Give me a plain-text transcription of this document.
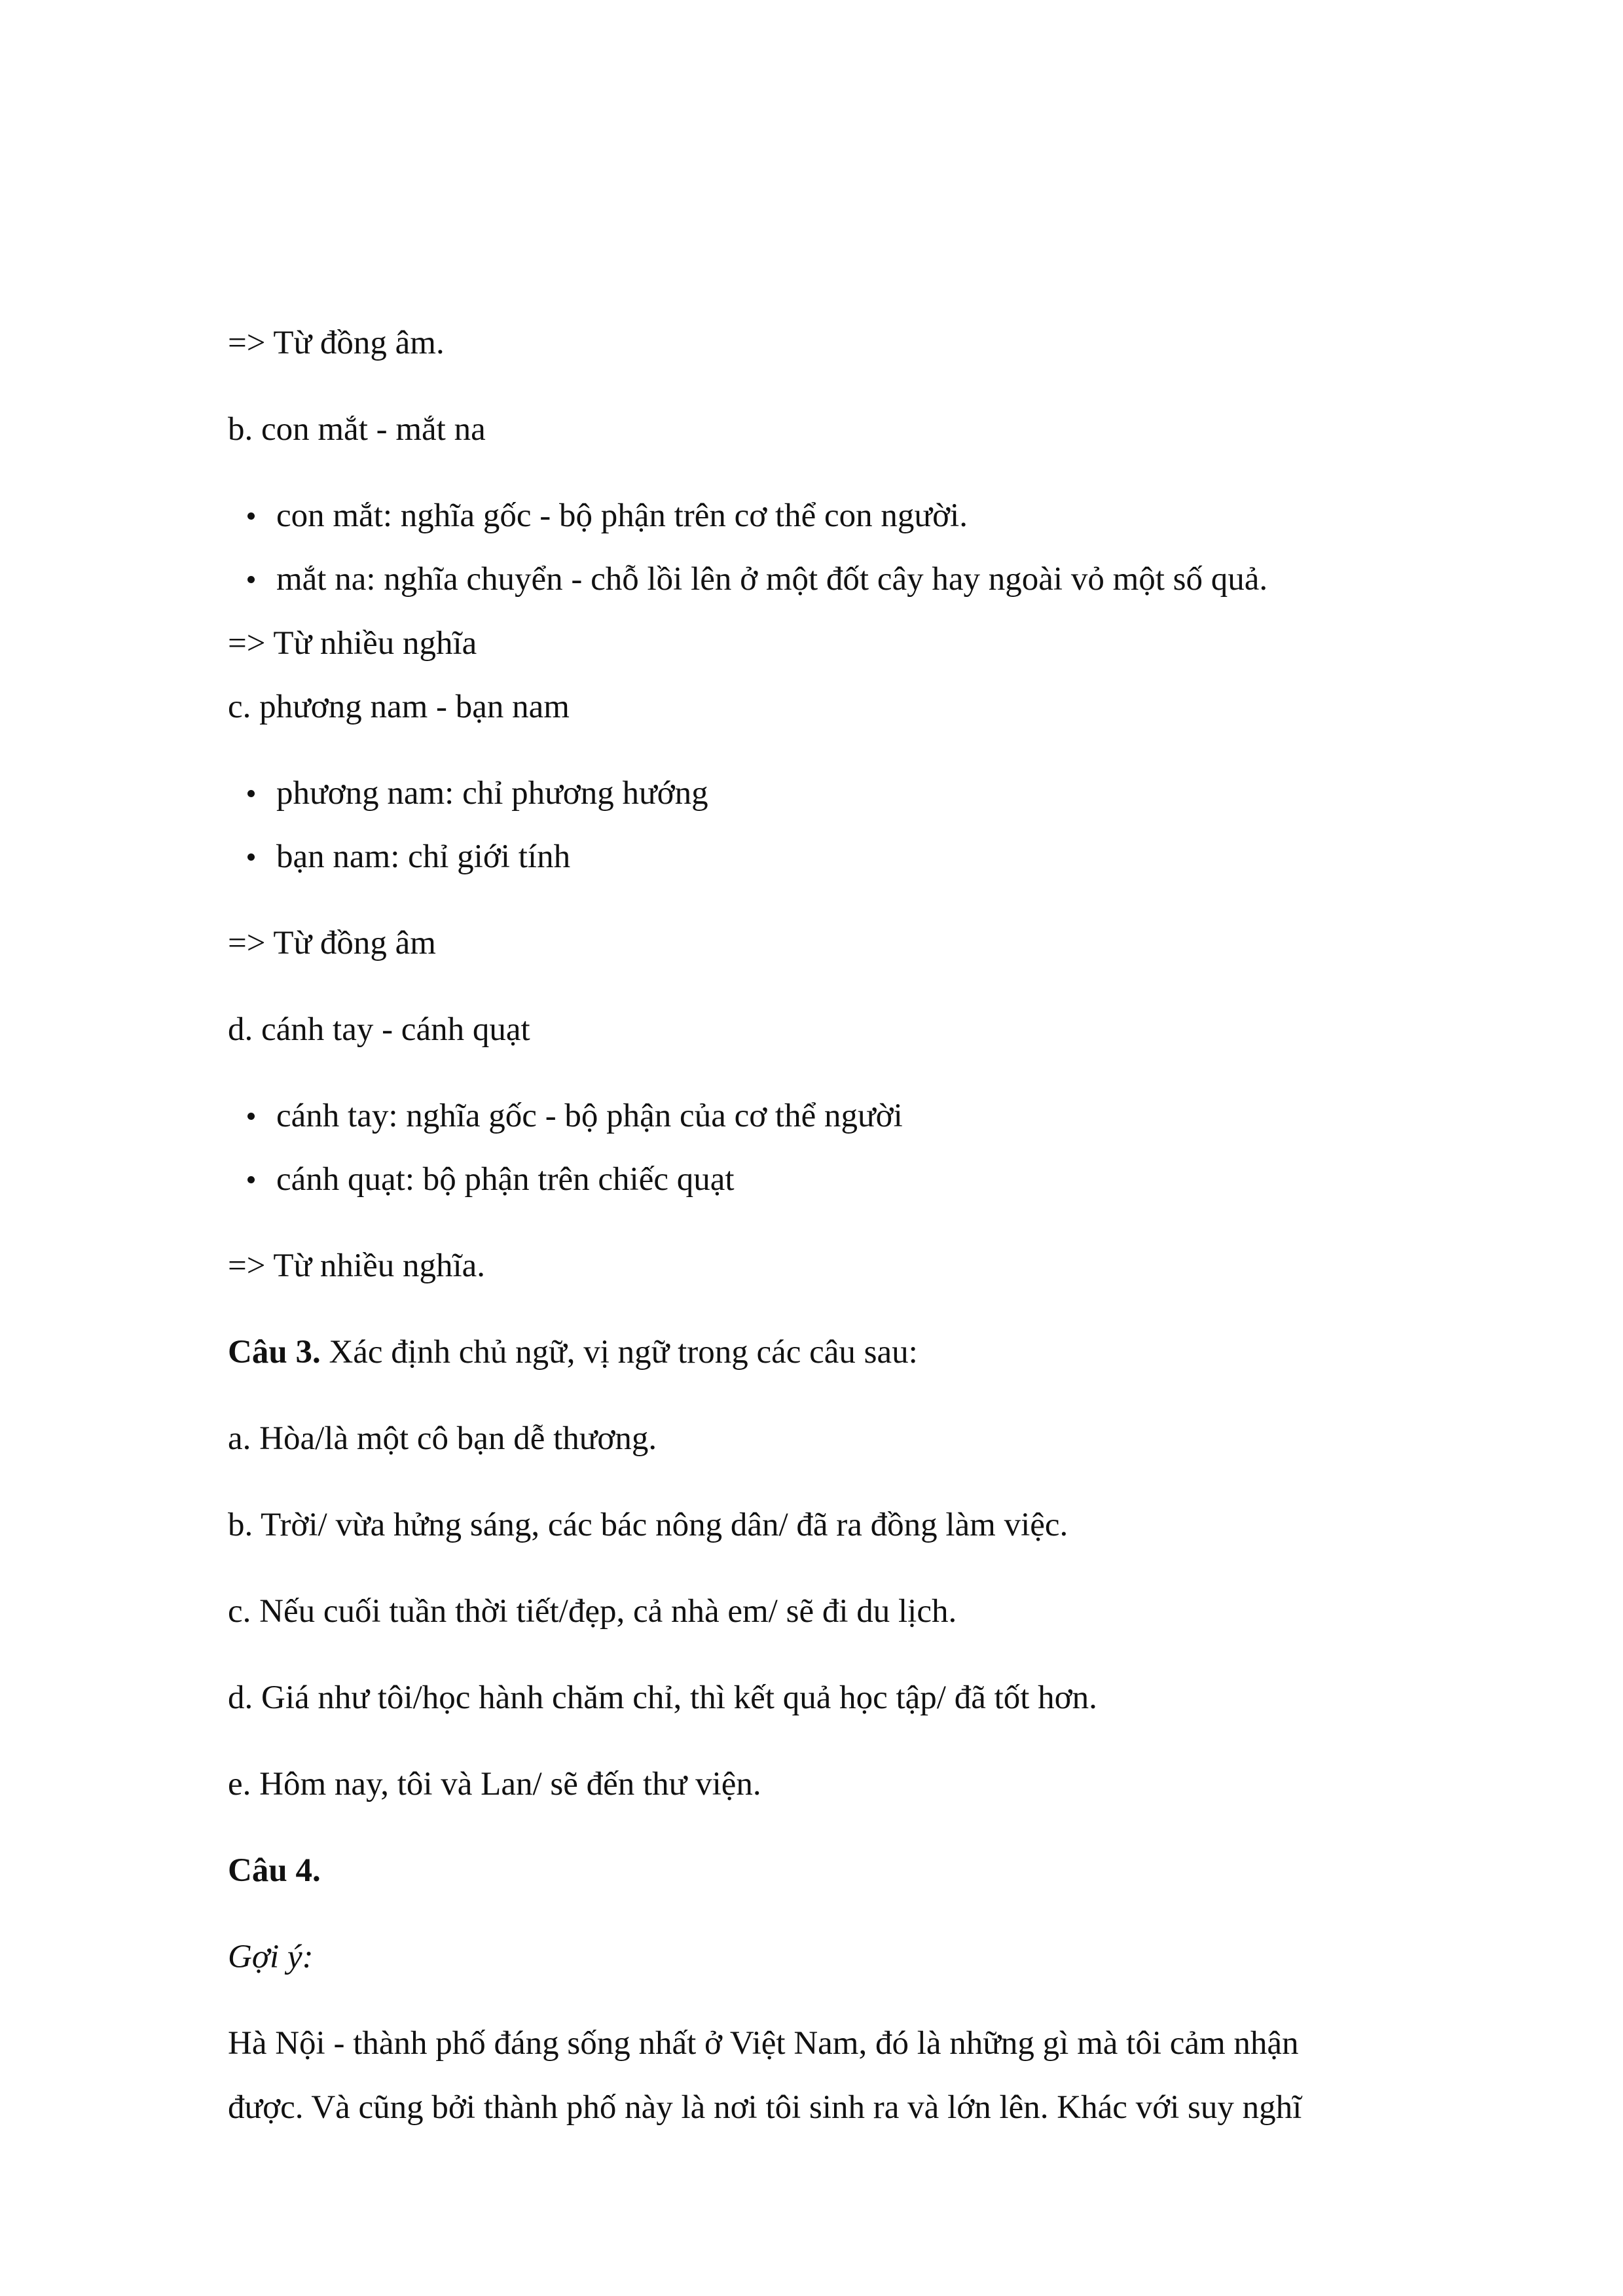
=> Từ đồng âm.

b. con mắt - mắt na

con mắt: nghĩa gốc - bộ phận trên cơ thể con người.
mắt na: nghĩa chuyển - chỗ lồi lên ở một đốt cây hay ngoài vỏ một số quả.

=> Từ nhiều nghĩa

c. phương nam - bạn nam

phương nam: chỉ phương hướng
bạn nam: chỉ giới tính

=> Từ đồng âm

d. cánh tay - cánh quạt

cánh tay: nghĩa gốc - bộ phận của cơ thể người
cánh quạt: bộ phận trên chiếc quạt

=> Từ nhiều nghĩa.

Câu 3. Xác định chủ ngữ, vị ngữ trong các câu sau:

a. Hòa/là một cô bạn dễ thương.

b. Trời/ vừa hửng sáng, các bác nông dân/ đã ra đồng làm việc.

c. Nếu cuối tuần thời tiết/đẹp, cả nhà em/ sẽ đi du lịch.

d. Giá như tôi/học hành chăm chỉ, thì kết quả học tập/ đã tốt hơn.

e. Hôm nay, tôi và Lan/ sẽ đến thư viện.

Câu 4.

Gợi ý:

Hà Nội - thành phố đáng sống nhất ở Việt Nam, đó là những gì mà tôi cảm nhận

được. Và cũng bởi thành phố này là nơi tôi sinh ra và lớn lên. Khác với suy nghĩ
